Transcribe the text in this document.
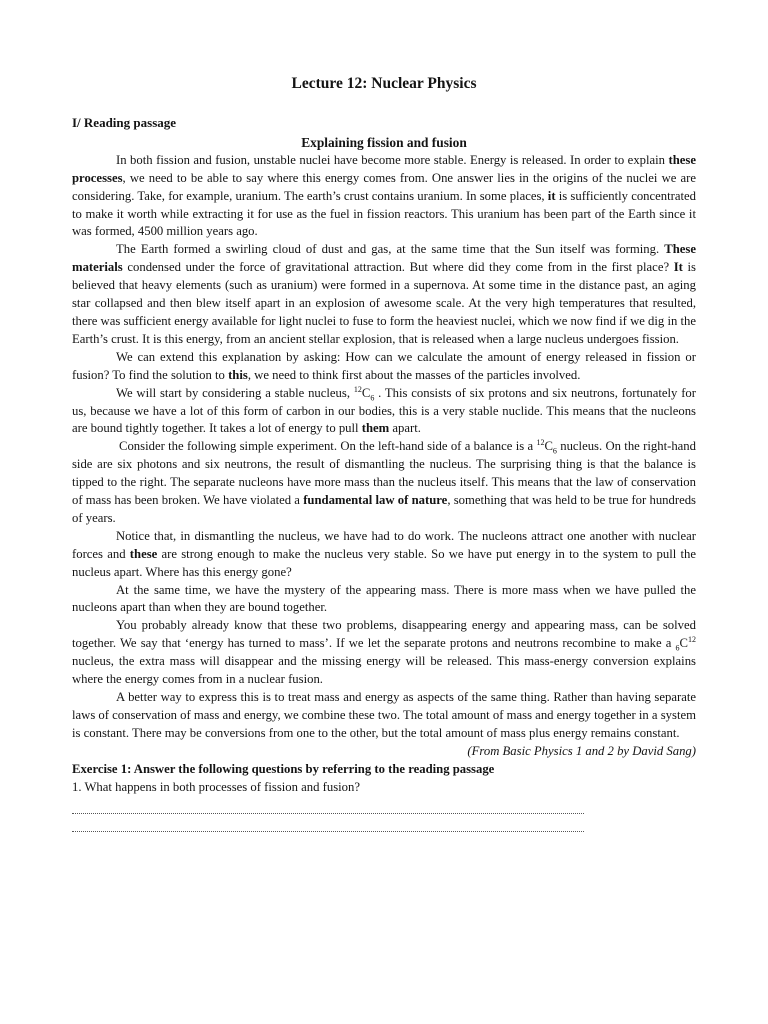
Lecture 12: Nuclear Physics
I/ Reading passage
Explaining fission and fusion

In both fission and fusion, unstable nuclei have become more stable. Energy is released. In order to explain these processes, we need to be able to say where this energy comes from. One answer lies in the origins of the nuclei we are considering. Take, for example, uranium. The earth’s crust contains uranium. In some places, it is sufficiently concentrated to make it worth while extracting it for use as the fuel in fission reactors. This uranium has been part of the Earth since it was formed, 4500 million years ago.

The Earth formed a swirling cloud of dust and gas, at the same time that the Sun itself was forming. These materials condensed under the force of gravitational attraction. But where did they come from in the first place? It is believed that heavy elements (such as uranium) were formed in a supernova. At some time in the distance past, an aging star collapsed and then blew itself apart in an explosion of awesome scale. At the very high temperatures that resulted, there was sufficient energy available for light nuclei to fuse to form the heaviest nuclei, which we now find if we dig in the Earth’s crust. It is this energy, from an ancient stellar explosion, that is released when a large nucleus undergoes fission.

We can extend this explanation by asking: How can we calculate the amount of energy released in fission or fusion? To find the solution to this, we need to think first about the masses of the particles involved.

We will start by considering a stable nucleus, $^{12}C_6$ . This consists of six protons and six neutrons, fortunately for us, because we have a lot of this form of carbon in our bodies, this is a very stable nuclide. This means that the nucleons are bound tightly together. It takes a lot of energy to pull them apart.

Consider the following simple experiment. On the left-hand side of a balance is a $^{12}C_6$ nucleus. On the right-hand side are six photons and six neutrons, the result of dismantling the nucleus. The surprising thing is that the balance is tipped to the right. The separate nucleons have more mass than the nucleus itself. This means that the law of conservation of mass has been broken. We have violated a fundamental law of nature, something that was held to be true for hundreds of years.

Notice that, in dismantling the nucleus, we have had to do work. The nucleons attract one another with nuclear forces and these are strong enough to make the nucleus very stable. So we have put energy in to the system to pull the nucleus apart. Where has this energy gone?

At the same time, we have the mystery of the appearing mass. There is more mass when we have pulled the nucleons apart than when they are bound together.

You probably already know that these two problems, disappearing energy and appearing mass, can be solved together. We say that ‘energy has turned to mass’. If we let the separate protons and neutrons recombine to make a $_6C^{12}$ nucleus, the extra mass will disappear and the missing energy will be released. This mass-energy conversion explains where the energy comes from in a nuclear fusion.

A better way to express this is to treat mass and energy as aspects of the same thing. Rather than having separate laws of conservation of mass and energy, we combine these two. The total amount of mass and energy together in a system is constant. There may be conversions from one to the other, but the total amount of mass plus energy remains constant.

(From Basic Physics 1 and 2 by David Sang)

Exercise 1: Answer the following questions by referring to the reading passage

1. What happens in both processes of fission and fusion?
